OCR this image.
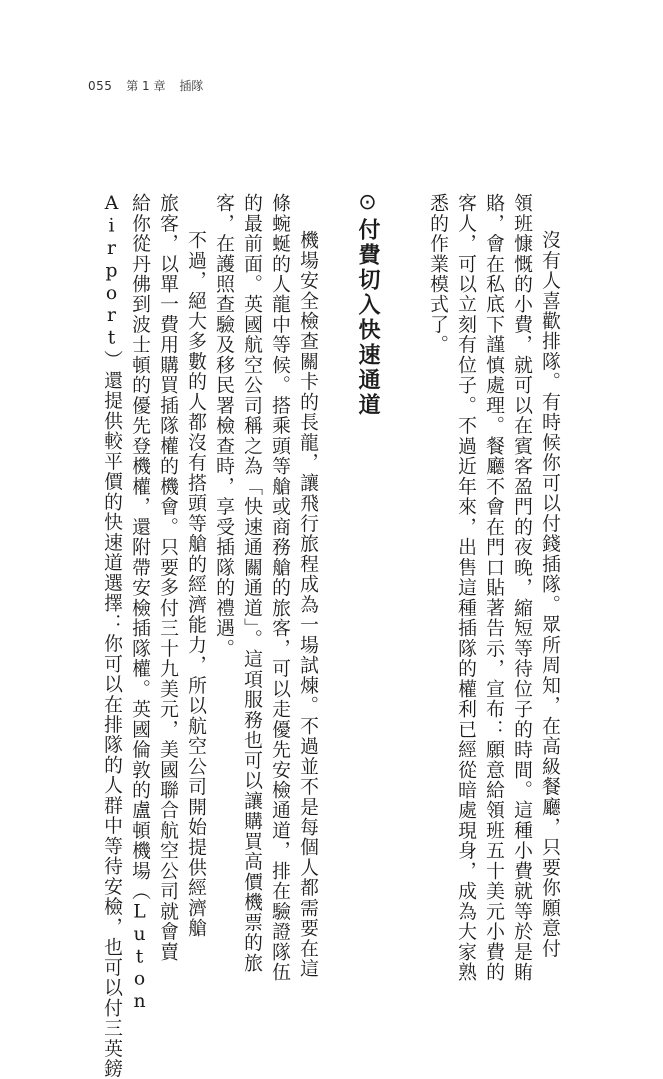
055 第 1 章 插隊
沒有人喜歡排隊。有時候你可以付錢插隊。眾所周知，在高級餐廳，只要你願意付
領班慷慨的小費，就可以在賓客盈門的夜晚，縮短等待位子的時間。這種小費就等於是賄
賂，會在私底下謹慎處理。餐廳不會在門口貼著告示，宣布：願意給領班五十美元小費的
客人，可以立刻有位子。不過近年來，出售這種插隊的權利已經從暗處現身，成為大家熟
悉的作業模式了。
⊙付費切入快速通道
機場安全檢查關卡的長龍，讓飛行旅程成為一場試煉。不過並不是每個人都需要在這
條蜿蜒的人龍中等候。搭乘頭等艙或商務艙的旅客，可以走優先安檢通道，排在驗證隊伍
的最前面。英國航空公司稱之為「快速通關通道」。這項服務也可以讓購買高價機票的旅
客，在護照查驗及移民署檢查時，享受插隊的禮遇。
不過，絕大多數的人都沒有搭頭等艙的經濟能力，所以航空公司開始提供經濟艙
旅客，以單一費用購買插隊權的機會。只要多付三十九美元，美國聯合航空公司就會賣
給你從丹佛到波士頓的優先登機權，還附帶安檢插隊權。英國倫敦的盧頓機場（Luton
Airport）還提供較平價的快速道選擇：你可以在排隊的人群中等待安檢，也可以付三英鎊
